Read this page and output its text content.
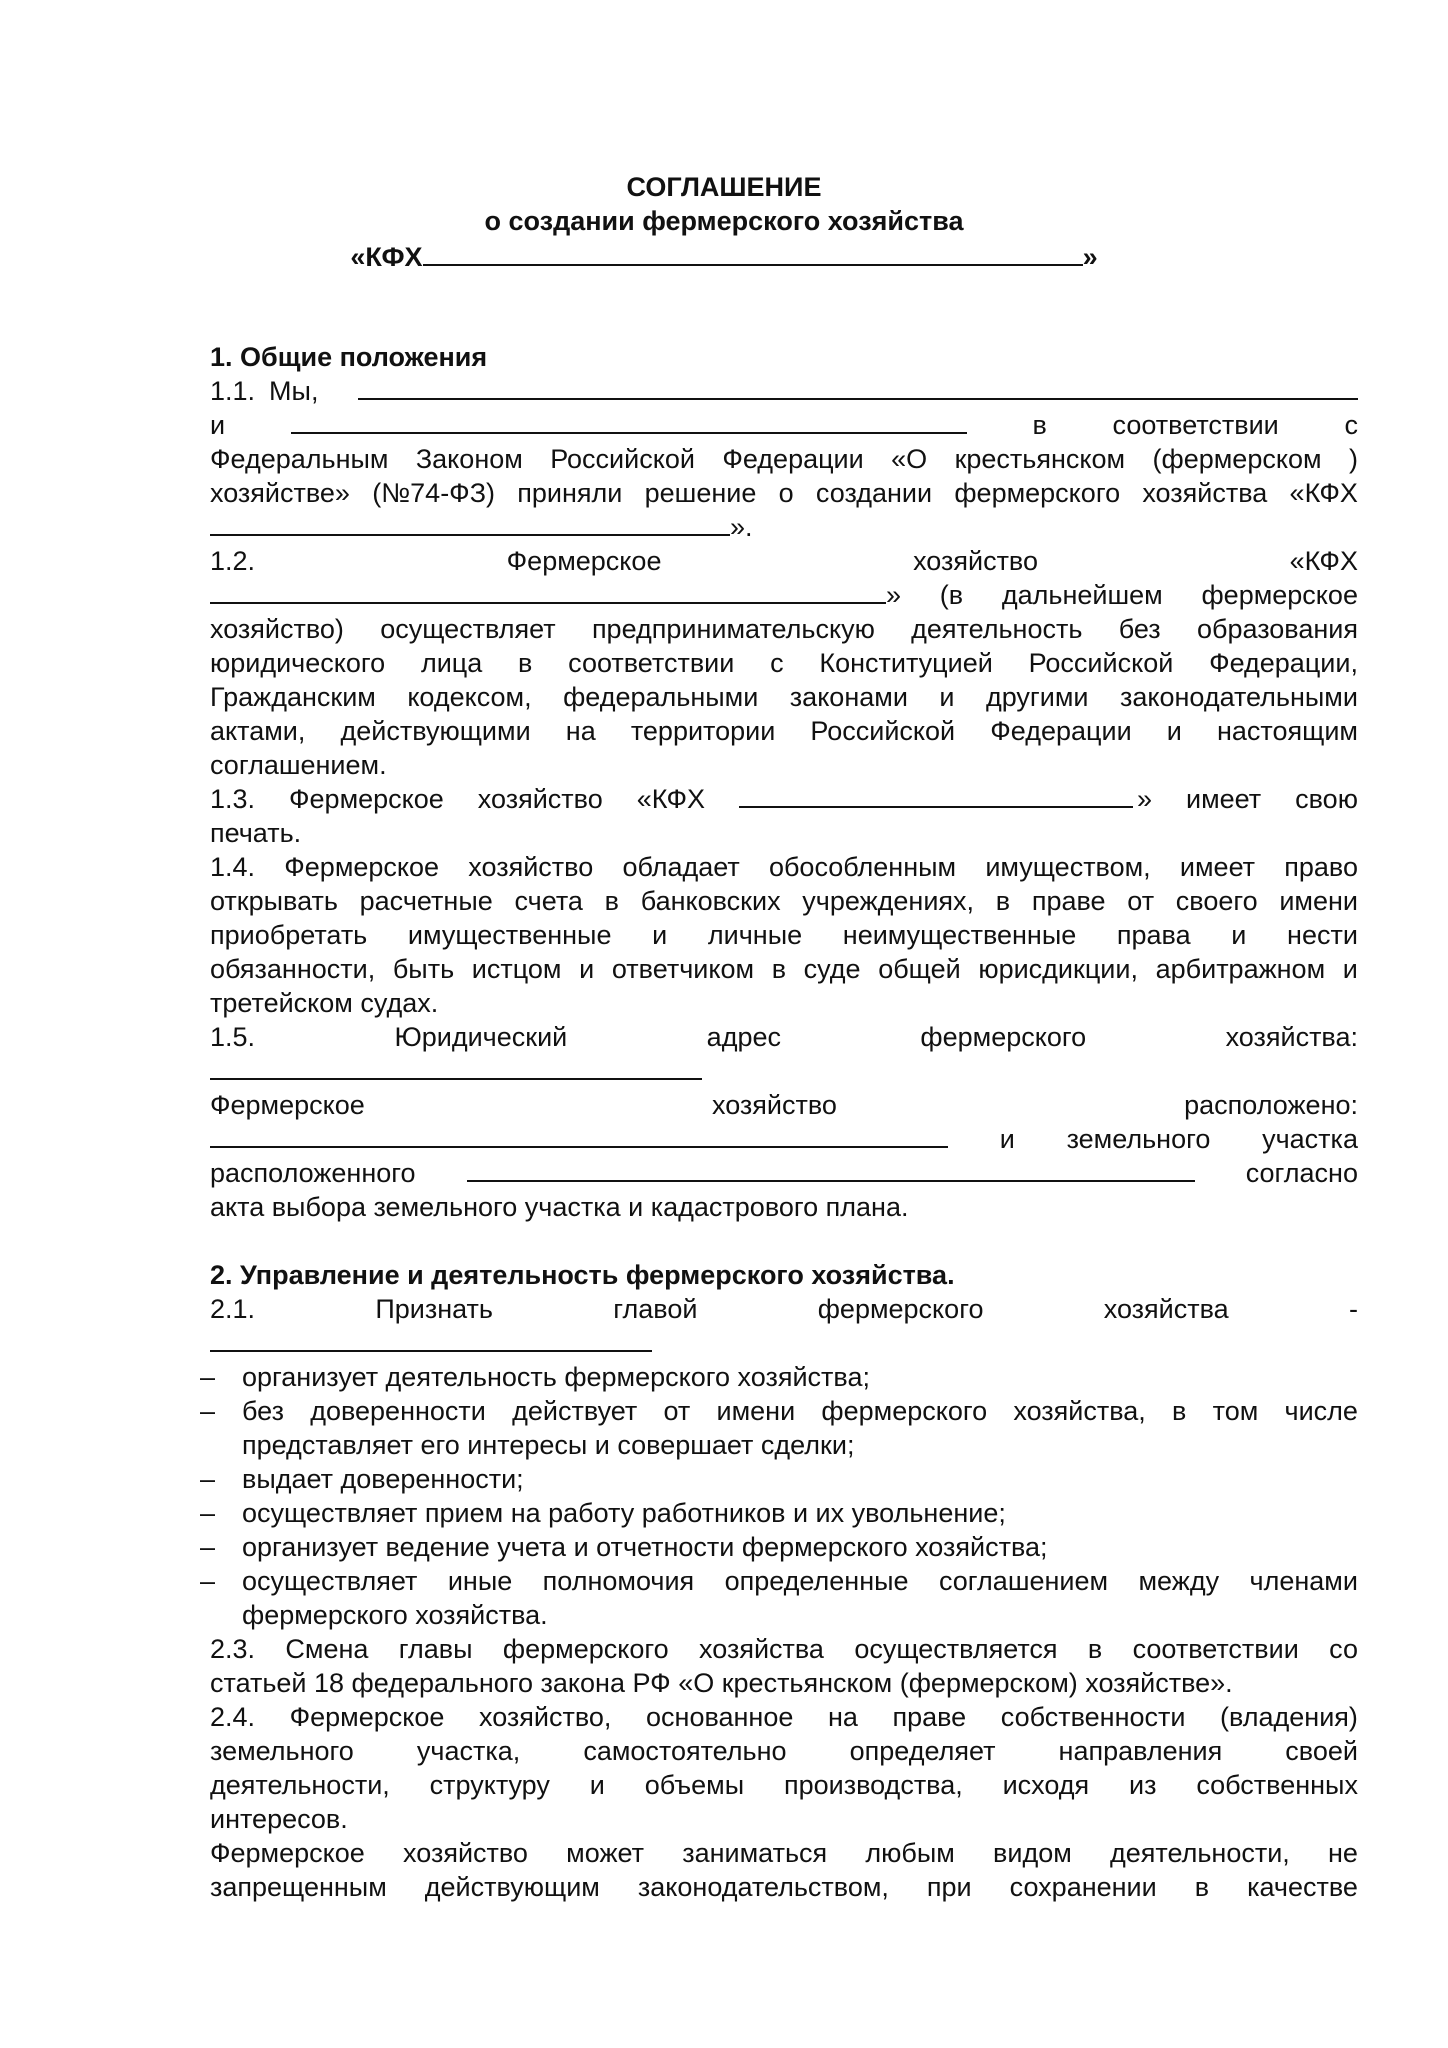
СОГЛАШЕНИЕ
о создании фермерского хозяйства
«КФХ	»
1. Общие положения
1.1. Мы,
и	в соответствии с
Федеральным Законом Российской Федерации «О крестьянском (фермерском )
хозяйстве» (№74-ФЗ) приняли решение о создании фермерского хозяйства «КФХ
».
1.2.	Фермерское	хозяйство	«КФХ
» (в дальнейшем фермерское
хозяйство) осуществляет предпринимательскую деятельность без образования
юридического лица в соответствии с Конституцией Российской Федерации,
Гражданским кодексом, федеральными законами и другими законодательными
актами, действующими на территории Российской Федерации и настоящим
соглашением.
1.3. Фермерское хозяйство «КФХ	» имеет свою
печать.
1.4. Фермерское хозяйство обладает обособленным имуществом, имеет право
открывать расчетные счета в банковских учреждениях, в праве от своего имени
приобретать имущественные и личные неимущественные права и нести
обязанности, быть истцом и ответчиком в суде общей юрисдикции, арбитражном и
третейском судах.
1.5.	Юридический	адрес	фермерского	хозяйства:
Фермерское	хозяйство	расположено:
и земельного участка
расположенного	согласно
акта выбора земельного участка и кадастрового плана.
2. Управление и деятельность фермерского хозяйства.
2.1.	Признать	главой	фермерского	хозяйства	-
– организует деятельность фермерского хозяйства;
– без доверенности действует от имени фермерского хозяйства, в том числе
представляет его интересы и совершает сделки;
– выдает доверенности;
– осуществляет прием на работу работников и их увольнение;
– организует ведение учета и отчетности фермерского хозяйства;
– осуществляет иные полномочия определенные соглашением между членами
фермерского хозяйства.
2.3. Смена главы фермерского хозяйства осуществляется в соответствии со
статьей 18 федерального закона РФ «О крестьянском (фермерском) хозяйстве».
2.4. Фермерское хозяйство, основанное на праве собственности (владения)
земельного участка, самостоятельно определяет направления своей
деятельности, структуру и объемы производства, исходя из собственных
интересов.
Фермерское хозяйство может заниматься любым видом деятельности, не
запрещенным действующим законодательством, при сохранении в качестве
